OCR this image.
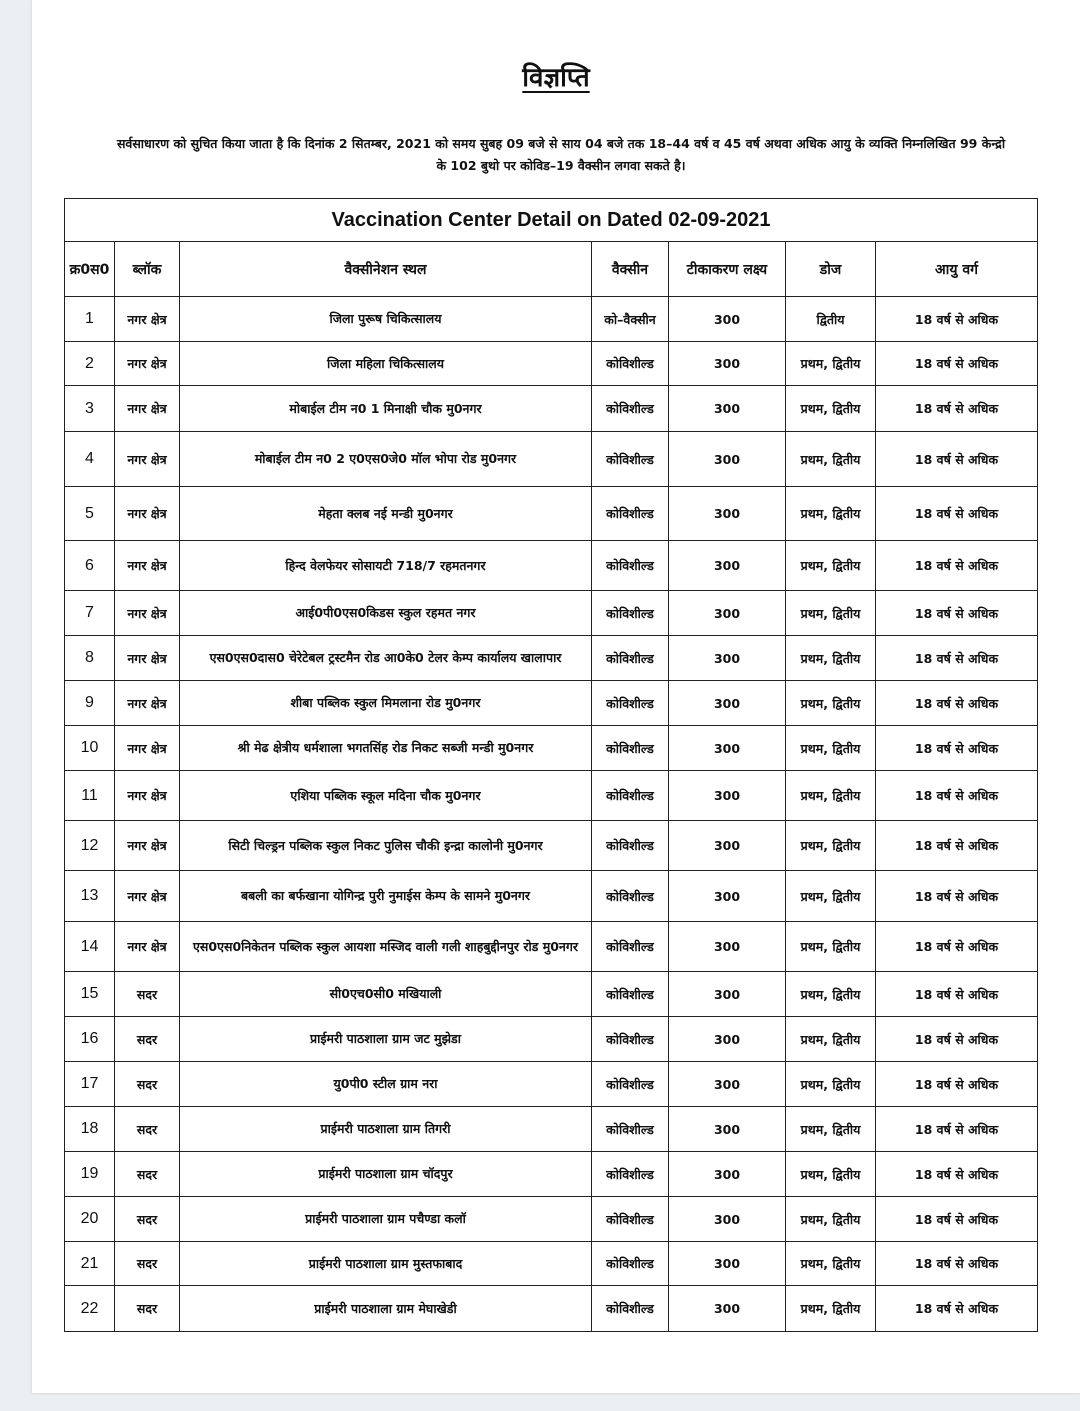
विज्ञप्ति
सर्वसाधारण को सुचित किया जाता है कि दिनांक 2 सितम्बर, 2021 को समय सुबह 09 बजे से साय 04 बजे तक 18–44 वर्ष व 45 वर्ष अथवा अधिक आयु के व्यक्ति निम्नलिखित 99 केन्द्रो
के 102 बुथो पर कोविड–19 वैक्सीन लगवा सकते है।
Vaccination Center Detail on Dated 02-09-2021						
क्र0स0	ब्लॉक	वैक्सीनेशन स्थल	वैक्सीन	टीकाकरण लक्ष्य	डोज	आयु वर्ग
1	नगर क्षेत्र	जिला पुरूष चिकित्सालय	को–वैक्सीन	300	द्वितीय	18 वर्ष से अधिक
2	नगर क्षेत्र	जिला महिला चिकित्सालय	कोविशील्ड	300	प्रथम, द्वितीय	18 वर्ष से अधिक
3	नगर क्षेत्र	मोबाईल टीम न0 1 मिनाक्षी चौक मु0नगर	कोविशील्ड	300	प्रथम, द्वितीय	18 वर्ष से अधिक
4	नगर क्षेत्र	मोबाईल टीम न0 2 ए0एस0जे0 मॉल भोपा रोड मु0नगर	कोविशील्ड	300	प्रथम, द्वितीय	18 वर्ष से अधिक
5	नगर क्षेत्र	मेहता क्लब नई मन्डी मु0नगर	कोविशील्ड	300	प्रथम, द्वितीय	18 वर्ष से अधिक
6	नगर क्षेत्र	हिन्द वेलफेयर सोसायटी 718/7 रहमतनगर	कोविशील्ड	300	प्रथम, द्वितीय	18 वर्ष से अधिक
7	नगर क्षेत्र	आई0पी0एस0किडस स्कुल रहमत नगर	कोविशील्ड	300	प्रथम, द्वितीय	18 वर्ष से अधिक
8	नगर क्षेत्र	एस0एस0दास0 चेरेटेबल ट्रस्टमैन रोड आ0के0 टेलर केम्प कार्यालय खालापार	कोविशील्ड	300	प्रथम, द्वितीय	18 वर्ष से अधिक
9	नगर क्षेत्र	शीबा पब्लिक स्कुल मिमलाना रोड मु0नगर	कोविशील्ड	300	प्रथम, द्वितीय	18 वर्ष से अधिक
10	नगर क्षेत्र	श्री मेढ क्षेत्रीय धर्मशाला भगतसिंह रोड निकट सब्जी मन्डी मु0नगर	कोविशील्ड	300	प्रथम, द्वितीय	18 वर्ष से अधिक
11	नगर क्षेत्र	एशिया पब्लिक स्कूल मदिना चौक मु0नगर	कोविशील्ड	300	प्रथम, द्वितीय	18 वर्ष से अधिक
12	नगर क्षेत्र	सिटी चिल्ड्रन पब्लिक स्कुल निकट पुलिस चौकी इन्द्रा कालोनी मु0नगर	कोविशील्ड	300	प्रथम, द्वितीय	18 वर्ष से अधिक
13	नगर क्षेत्र	बबली का बर्फखाना योगिन्द्र पुरी नुमाईस केम्प के सामने मु0नगर	कोविशील्ड	300	प्रथम, द्वितीय	18 वर्ष से अधिक
14	नगर क्षेत्र	एस0एस0निकेतन पब्लिक स्कुल आयशा मस्जिद वाली गली शाहबुद्दीनपुर रोड मु0नगर	कोविशील्ड	300	प्रथम, द्वितीय	18 वर्ष से अधिक
15	सदर	सी0एच0सी0 मखियाली	कोविशील्ड	300	प्रथम, द्वितीय	18 वर्ष से अधिक
16	सदर	प्राईमरी पाठशाला ग्राम जट मुझेडा	कोविशील्ड	300	प्रथम, द्वितीय	18 वर्ष से अधिक
17	सदर	यु0पी0 स्टील ग्राम नरा	कोविशील्ड	300	प्रथम, द्वितीय	18 वर्ष से अधिक
18	सदर	प्राईमरी पाठशाला ग्राम तिगरी	कोविशील्ड	300	प्रथम, द्वितीय	18 वर्ष से अधिक
19	सदर	प्राईमरी पाठशाला ग्राम चॉदपुर	कोविशील्ड	300	प्रथम, द्वितीय	18 वर्ष से अधिक
20	सदर	प्राईमरी पाठशाला ग्राम पचैण्डा कलॉ	कोविशील्ड	300	प्रथम, द्वितीय	18 वर्ष से अधिक
21	सदर	प्राईमरी पाठशाला ग्राम मुस्तफाबाद	कोविशील्ड	300	प्रथम, द्वितीय	18 वर्ष से अधिक
22	सदर	प्राईमरी पाठशाला ग्राम मेघाखेडी	कोविशील्ड	300	प्रथम, द्वितीय	18 वर्ष से अधिक
